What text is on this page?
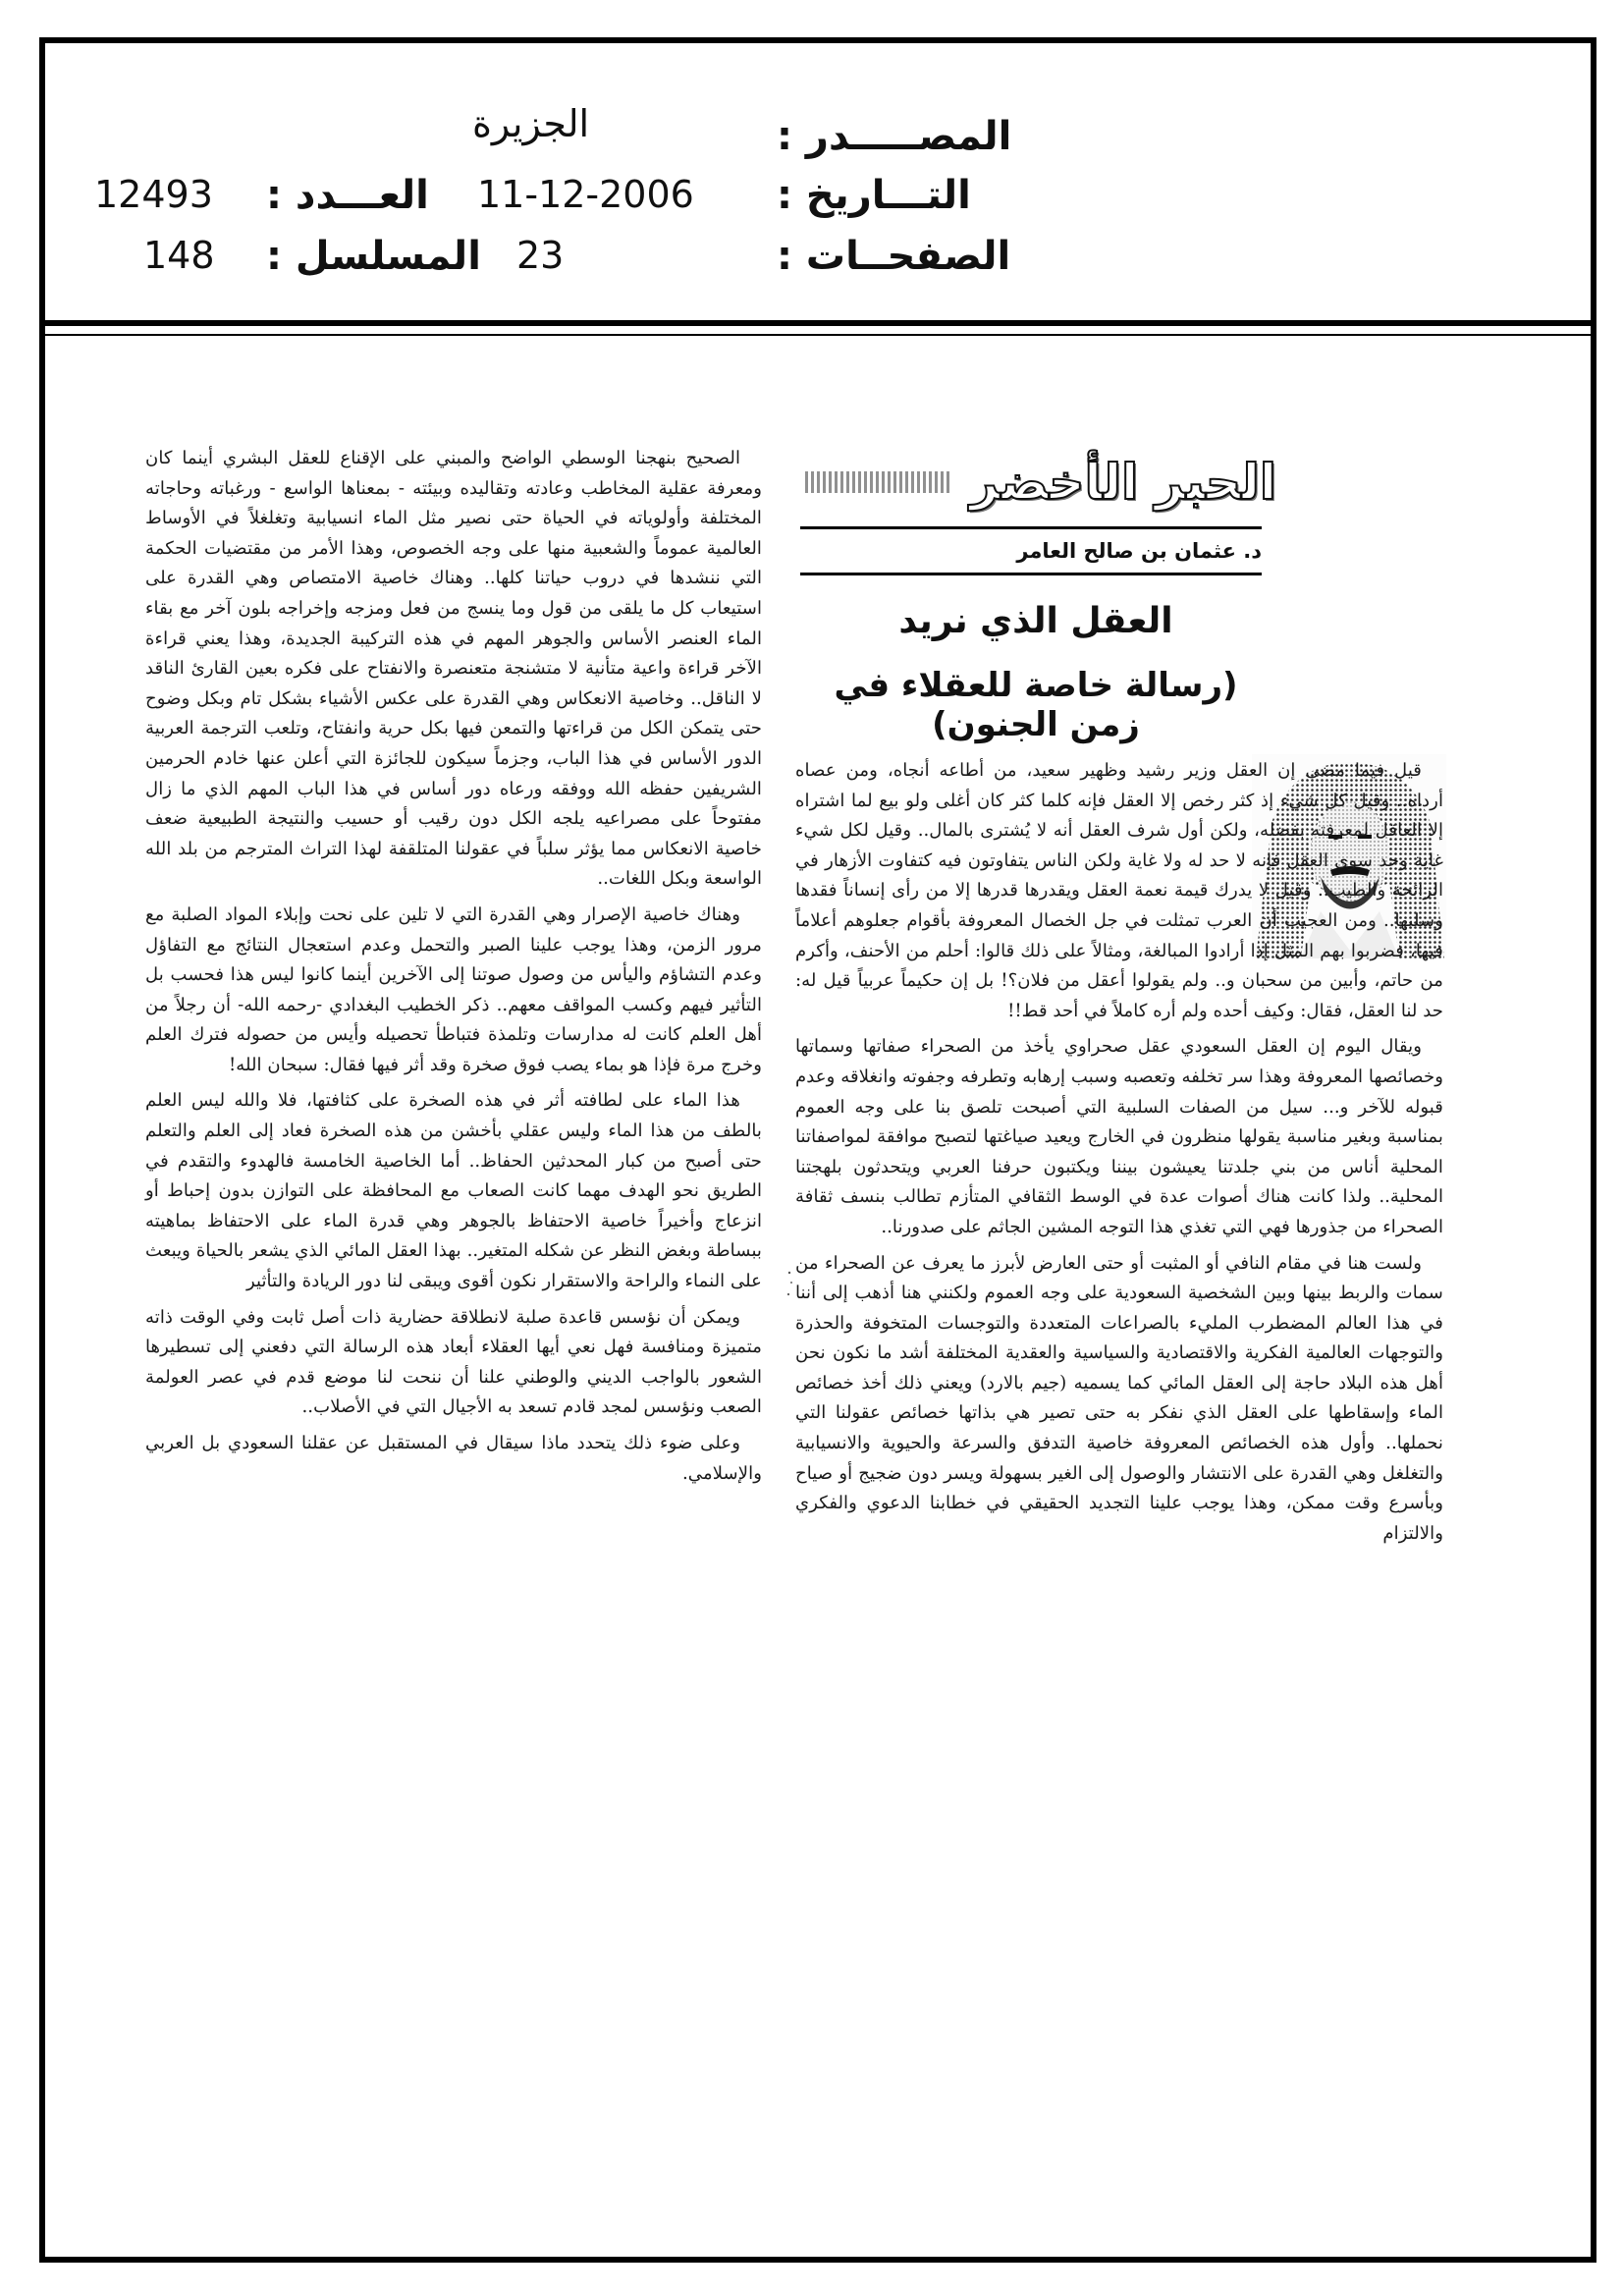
الجزيرة	المصـــــدر :
12493 العـــدد : 11-12-2006 التـــاريخ :
148 المسلسل : 23	الصفحــات :
الحبر الأخضر
د. عثمان بن صالح العامر
العقل الذي نريد
(رسالة خاصة للعقلاء في زمن الجنون)

قيل فيما مضى إن العقل وزير رشيد وظهير سعيد، من أطاعه أنجاه، ومن عصاه أرداه.. وقيل كل شيء إذ كثر رخص إلا العقل فإنه كلما كثر كان أغلى ولو بيع لما اشتراه إلا العاقل لمعرفته بفضله، ولكن أول شرف العقل أنه لا يُشترى بالمال.. وقيل لكل شيء غاية وحد سوى العقل فإنه لا حد له ولا غاية ولكن الناس يتفاوتون فيه كتفاوت الأزهار في الرائحة والطيب.. وقيل لا يدرك قيمة نعمة العقل ويقدرها قدرها إلا من رأى إنساناً فقدها وسلبها.. ومن العجيب أن العرب تمثلت في جل الخصال المعروفة بأقوام جعلوهم أعلاماً فيها، فضربوا بهم المثل إذا أرادوا المبالغة، ومثالاً على ذلك قالوا: أحلم من الأحنف، وأكرم من حاتم، وأبين من سحبان و.. ولم يقولوا أعقل من فلان؟! بل إن حكيماً عربياً قيل له: حد لنا العقل، فقال: وكيف أحده ولم أره كاملاً في أحد قط!!

ويقال اليوم إن العقل السعودي عقل صحراوي يأخذ من الصحراء صفاتها وسماتها وخصائصها المعروفة وهذا سر تخلفه وتعصبه وسبب إرهابه وتطرفه وجفوته وانغلاقه وعدم قبوله للآخر و... سيل من الصفات السلبية التي أصبحت تلصق بنا على وجه العموم بمناسبة وبغير مناسبة يقولها منظرون في الخارج ويعيد صياغتها لتصبح موافقة لمواصفاتنا المحلية أناس من بني جلدتنا يعيشون بيننا ويكتبون حرفنا العربي ويتحدثون بلهجتنا المحلية.. ولذا كانت هناك أصوات عدة في الوسط الثقافي المتأزم تطالب بنسف ثقافة الصحراء من جذورها فهي التي تغذي هذا التوجه المشين الجاثم على صدورنا..

ولست هنا في مقام النافي أو المثبت أو حتى العارض لأبرز ما يعرف عن الصحراء من سمات والربط بينها وبين الشخصية السعودية على وجه العموم ولكنني هنا أذهب إلى أننا في هذا العالم المضطرب المليء بالصراعات المتعددة والتوجسات المتخوفة والحذرة والتوجهات العالمية الفكرية والاقتصادية والسياسية والعقدية المختلفة أشد ما نكون نحن أهل هذه البلاد حاجة إلى العقل المائي كما يسميه (جيم بالارد) ويعني ذلك أخذ خصائص الماء وإسقاطها على العقل الذي نفكر به حتى تصير هي بذاتها خصائص عقولنا التي نحملها.. وأول هذه الخصائص المعروفة خاصية التدفق والسرعة والحيوية والانسيابية والتغلغل وهي القدرة على الانتشار والوصول إلى الغير بسهولة ويسر دون ضجيج أو صياح وبأسرع وقت ممكن، وهذا يوجب علينا التجديد الحقيقي في خطابنا الدعوي والفكري والالتزام

الصحيح بنهجنا الوسطي الواضح والمبني على الإقناع للعقل البشري أينما كان ومعرفة عقلية المخاطب وعادته وتقاليده وبيئته - بمعناها الواسع - ورغباته وحاجاته المختلفة وأولوياته في الحياة حتى نصير مثل الماء انسيابية وتغلغلاً في الأوساط العالمية عموماً والشعبية منها على وجه الخصوص، وهذا الأمر من مقتضيات الحكمة التي ننشدها في دروب حياتنا كلها.. وهناك خاصية الامتصاص وهي القدرة على استيعاب كل ما يلقى من قول وما ينسج من فعل ومزجه وإخراجه بلون آخر مع بقاء الماء العنصر الأساس والجوهر المهم في هذه التركيبة الجديدة، وهذا يعني قراءة الآخر قراءة واعية متأنية لا متشنجة متعنصرة والانفتاح على فكره بعين القارئ الناقد لا الناقل.. وخاصية الانعكاس وهي القدرة على عكس الأشياء بشكل تام وبكل وضوح حتى يتمكن الكل من قراءتها والتمعن فيها بكل حرية وانفتاح، وتلعب الترجمة العربية الدور الأساس في هذا الباب، وجزماً سيكون للجائزة التي أعلن عنها خادم الحرمين الشريفين حفظه الله ووفقه ورعاه دور أساس في هذا الباب المهم الذي ما زال مفتوحاً على مصراعيه يلجه الكل دون رقيب أو حسيب والنتيجة الطبيعية ضعف خاصية الانعكاس مما يؤثر سلباً في عقولنا المتلقفة لهذا التراث المترجم من بلد الله الواسعة وبكل اللغات..

وهناك خاصية الإصرار وهي القدرة التي لا تلين على نحت وإبلاء المواد الصلبة مع مرور الزمن، وهذا يوجب علينا الصبر والتحمل وعدم استعجال النتائج مع التفاؤل وعدم التشاؤم واليأس من وصول صوتنا إلى الآخرين أينما كانوا ليس هذا فحسب بل التأثير فيهم وكسب المواقف معهم.. ذكر الخطيب البغدادي -رحمه الله- أن رجلاً من أهل العلم كانت له مدارسات وتلمذة فتباطأ تحصيله وأيس من حصوله فترك العلم وخرج مرة فإذا هو بماء يصب فوق صخرة وقد أثر فيها فقال: سبحان الله!

هذا الماء على لطافته أثر في هذه الصخرة على كثافتها، فلا والله ليس العلم بالطف من هذا الماء وليس عقلي بأخشن من هذه الصخرة فعاد إلى العلم والتعلم حتى أصبح من كبار المحدثين الحفاظ.. أما الخاصية الخامسة فالهدوء والتقدم في الطريق نحو الهدف مهما كانت الصعاب مع المحافظة على التوازن بدون إحباط أو انزعاج وأخيراً خاصية الاحتفاظ بالجوهر وهي قدرة الماء على الاحتفاظ بماهيته ببساطة وبغض النظر عن شكله المتغير.. بهذا العقل المائي الذي يشعر بالحياة ويبعث على النماء والراحة والاستقرار نكون أقوى ويبقى لنا دور الريادة والتأثير

ويمكن أن نؤسس قاعدة صلبة لانطلاقة حضارية ذات أصل ثابت وفي الوقت ذاته متميزة ومنافسة فهل نعي أيها العقلاء أبعاد هذه الرسالة التي دفعني إلى تسطيرها الشعور بالواجب الديني والوطني علنا أن ننحت لنا موضع قدم في عصر العولمة الصعب ونؤسس لمجد قادم تسعد به الأجيال التي في الأصلاب..

وعلى ضوء ذلك يتحدد ماذا سيقال في المستقبل عن عقلنا السعودي بل العربي والإسلامي.
